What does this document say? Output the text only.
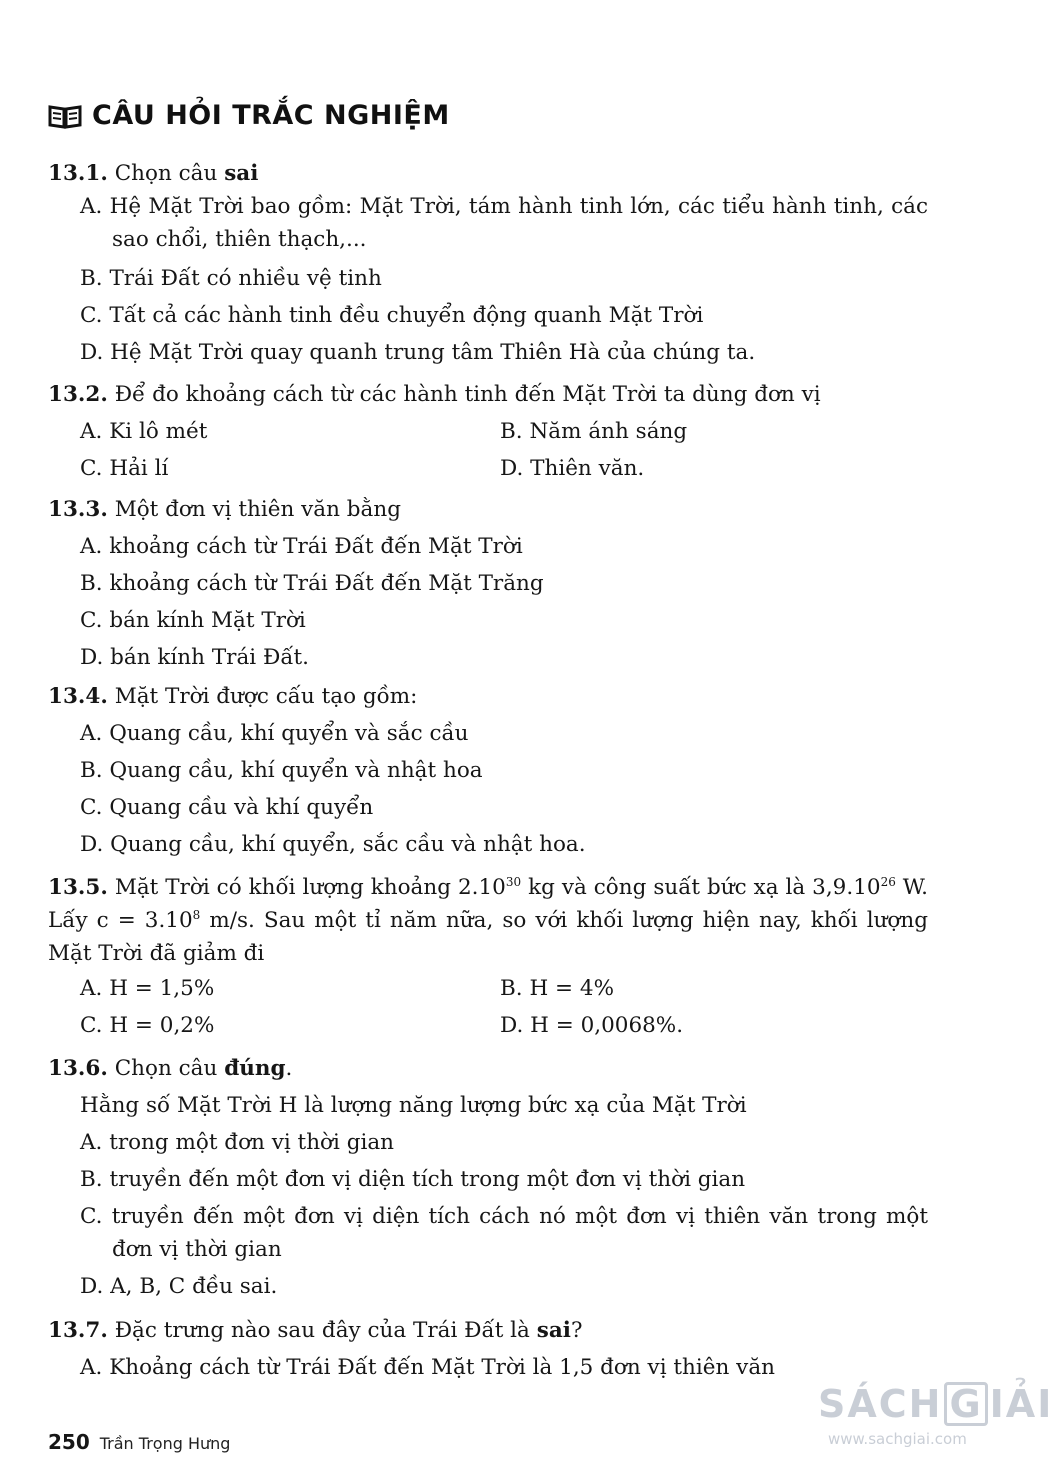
CÂU HỎI TRẮC NGHIỆM
13.1. Chọn câu sai
A. Hệ Mặt Trời bao gồm: Mặt Trời, tám hành tinh lớn, các tiểu hành tinh, các sao chổi, thiên thạch,...
B. Trái Đất có nhiều vệ tinh
C. Tất cả các hành tinh đều chuyển động quanh Mặt Trời
D. Hệ Mặt Trời quay quanh trung tâm Thiên Hà của chúng ta.
13.2. Để đo khoảng cách từ các hành tinh đến Mặt Trời ta dùng đơn vị
A. Ki lô mét	B. Năm ánh sáng
C. Hải lí	D. Thiên văn.
13.3. Một đơn vị thiên văn bằng
A. khoảng cách từ Trái Đất đến Mặt Trời
B. khoảng cách từ Trái Đất đến Mặt Trăng
C. bán kính Mặt Trời
D. bán kính Trái Đất.
13.4. Mặt Trời được cấu tạo gồm:
A. Quang cầu, khí quyển và sắc cầu
B. Quang cầu, khí quyển và nhật hoa
C. Quang cầu và khí quyển
D. Quang cầu, khí quyển, sắc cầu và nhật hoa.
13.5. Mặt Trời có khối lượng khoảng 2.10$^{30}$ kg và công suất bức xạ là 3,9.10$^{26}$ W. Lấy $c = 3.10^8$ m/s. Sau một tỉ năm nữa, so với khối lượng hiện nay, khối lượng Mặt Trời đã giảm đi
A. H = 1,5%	B. H = 4%
C. H = 0,2%	D. H = 0,0068%.
13.6. Chọn câu đúng.
Hằng số Mặt Trời H là lượng năng lượng bức xạ của Mặt Trời
A. trong một đơn vị thời gian
B. truyền đến một đơn vị diện tích trong một đơn vị thời gian
C. truyền đến một đơn vị diện tích cách nó một đơn vị thiên văn trong một đơn vị thời gian
D. A, B, C đều sai.
13.7. Đặc trưng nào sau đây của Trái Đất là sai?
A. Khoảng cách từ Trái Đất đến Mặt Trời là 1,5 đơn vị thiên văn
250 Trần Trọng Hưng
SÁCH G IẢI
www.sachgiai.com
